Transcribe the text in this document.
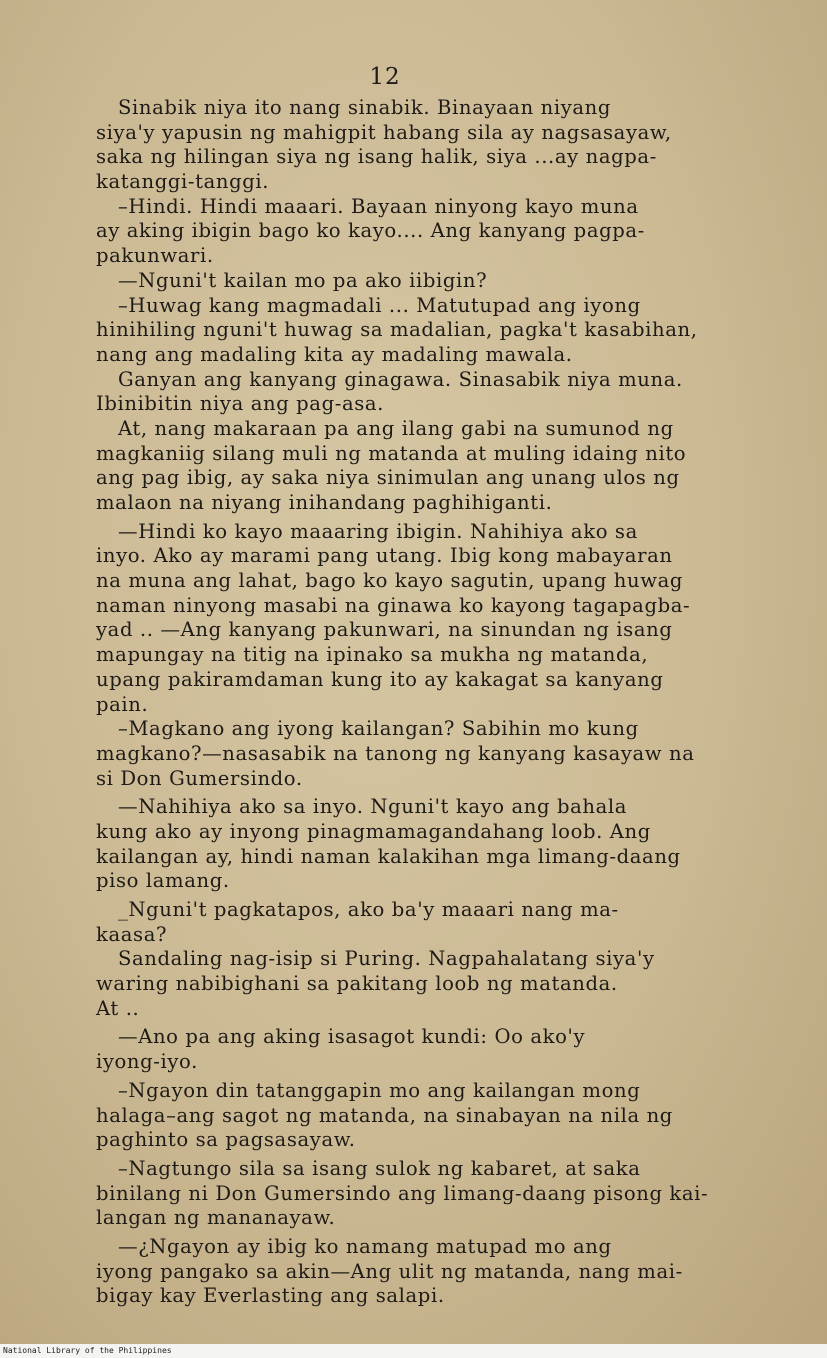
12
Sinabik niya ito nang sinabik. Binayaan niyang
siya'y yapusin ng mahigpit habang sila ay nagsasayaw,
saka ng hilingan siya ng isang halik, siya ...ay nagpa-
katanggi-tanggi.
–Hindi. Hindi maaari. Bayaan ninyong kayo muna
ay aking ibigin bago ko kayo.... Ang kanyang pagpa-
pakunwari.
—Nguni't kailan mo pa ako iibigin?
–Huwag kang magmadali ... Matutupad ang iyong
hinihiling nguni't huwag sa madalian, pagka't kasabihan,
nang ang madaling kita ay madaling mawala.
Ganyan ang kanyang ginagawa. Sinasabik niya muna.
Ibinibitin niya ang pag-asa.
At, nang makaraan pa ang ilang gabi na sumunod ng
magkaniig silang muli ng matanda at muling idaing nito
ang pag ibig, ay saka niya sinimulan ang unang ulos ng
malaon na niyang inihandang paghihiganti.
—Hindi ko kayo maaaring ibigin. Nahihiya ako sa
inyo. Ako ay marami pang utang. Ibig kong mabayaran
na muna ang lahat, bago ko kayo sagutin, upang huwag
naman ninyong masabi na ginawa ko kayong tagapagba-
yad .. —Ang kanyang pakunwari, na sinundan ng isang
mapungay na titig na ipinako sa mukha ng matanda,
upang pakiramdaman kung ito ay kakagat sa kanyang
pain.
–Magkano ang iyong kailangan? Sabihin mo kung
magkano?—nasasabik na tanong ng kanyang kasayaw na
si Don Gumersindo.
—Nahihiya ako sa inyo. Nguni't kayo ang bahala
kung ako ay inyong pinagmamagandahang loob. Ang
kailangan ay, hindi naman kalakihan mga limang-daang
piso lamang.
_Nguni't pagkatapos, ako ba'y maaari nang ma-
kaasa?
Sandaling nag-isip si Puring. Nagpahalatang siya'y
waring nabibighani sa pakitang loob ng matanda.
At ..
—Ano pa ang aking isasagot kundi: Oo ako'y
iyong-iyo.
–Ngayon din tatanggapin mo ang kailangan mong
halaga–ang sagot ng matanda, na sinabayan na nila ng
paghinto sa pagsasayaw.
–Nagtungo sila sa isang sulok ng kabaret, at saka
binilang ni Don Gumersindo ang limang-daang pisong kai-
langan ng mananayaw.
—¿Ngayon ay ibig ko namang matupad mo ang
iyong pangako sa akin—Ang ulit ng matanda, nang mai-
bigay kay Everlasting ang salapi.
National Library of the Philippines
